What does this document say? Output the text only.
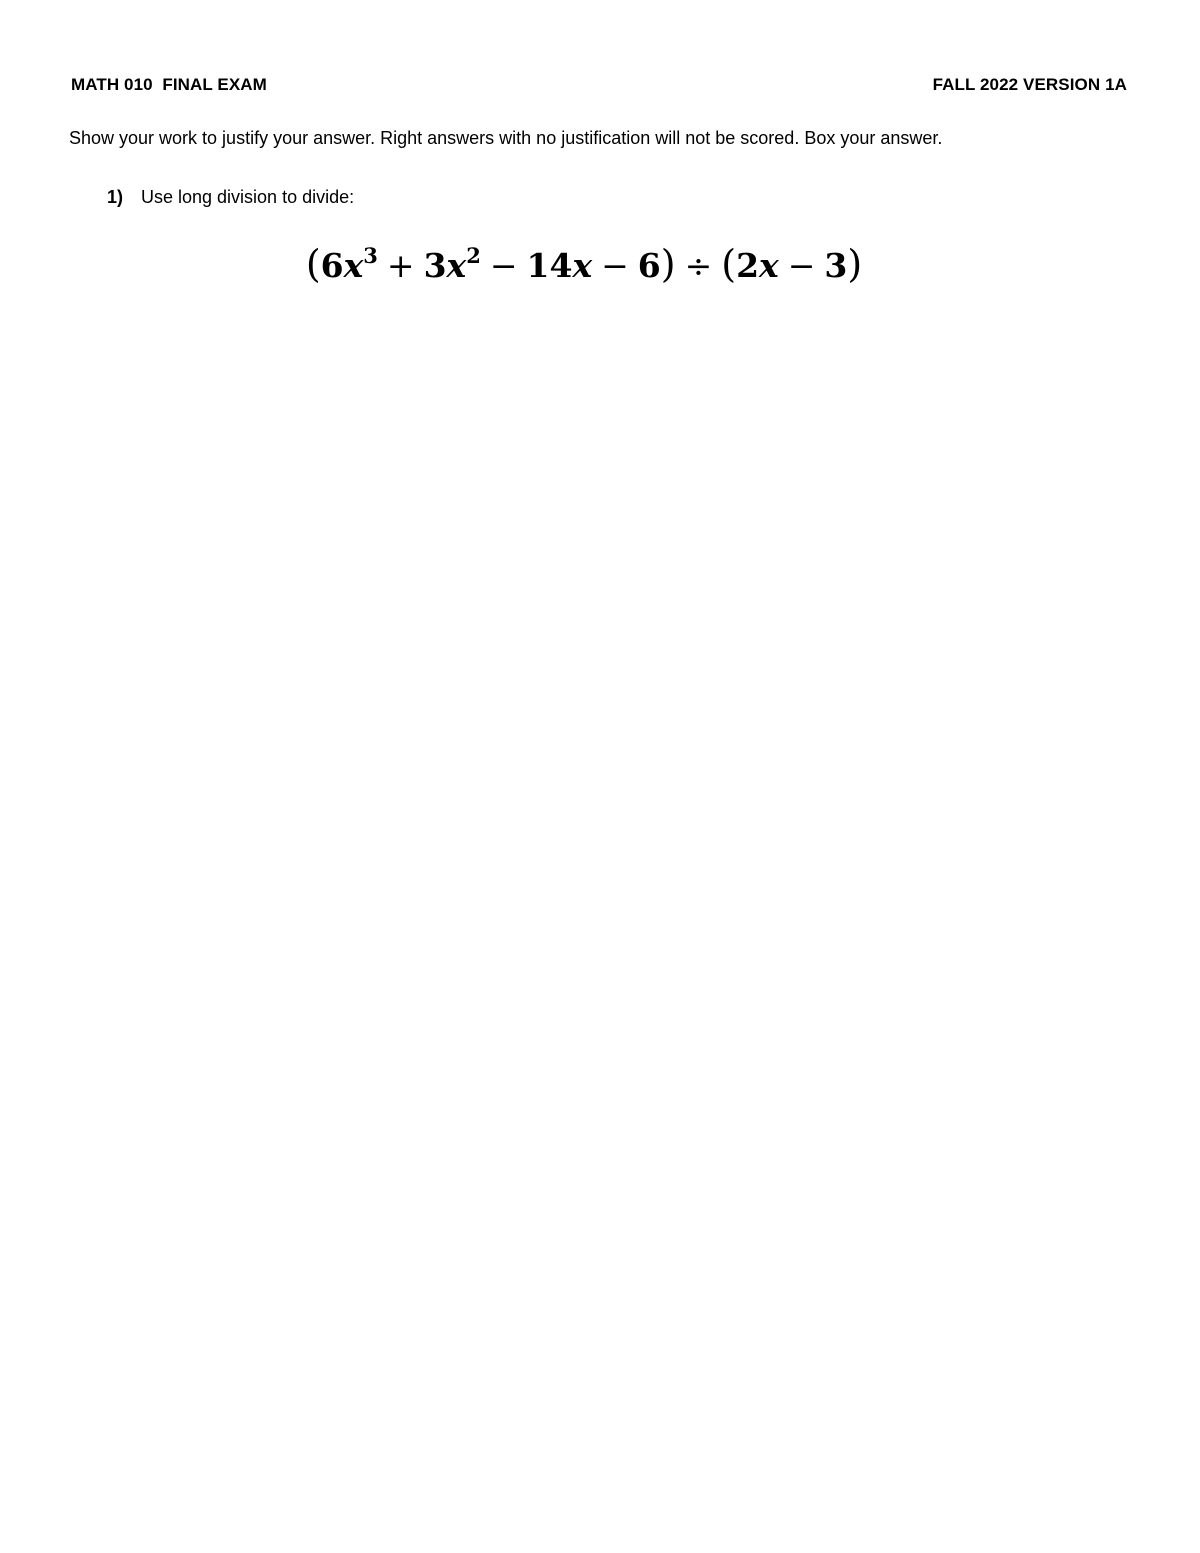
MATH 010  FINAL EXAM	FALL 2022 VERSION 1A
Show your work to justify your answer. Right answers with no justification will not be scored. Box your answer.
1) Use long division to divide:
$(6x^3 + 3x^2 - 14x - 6) \div (2x - 3)$
